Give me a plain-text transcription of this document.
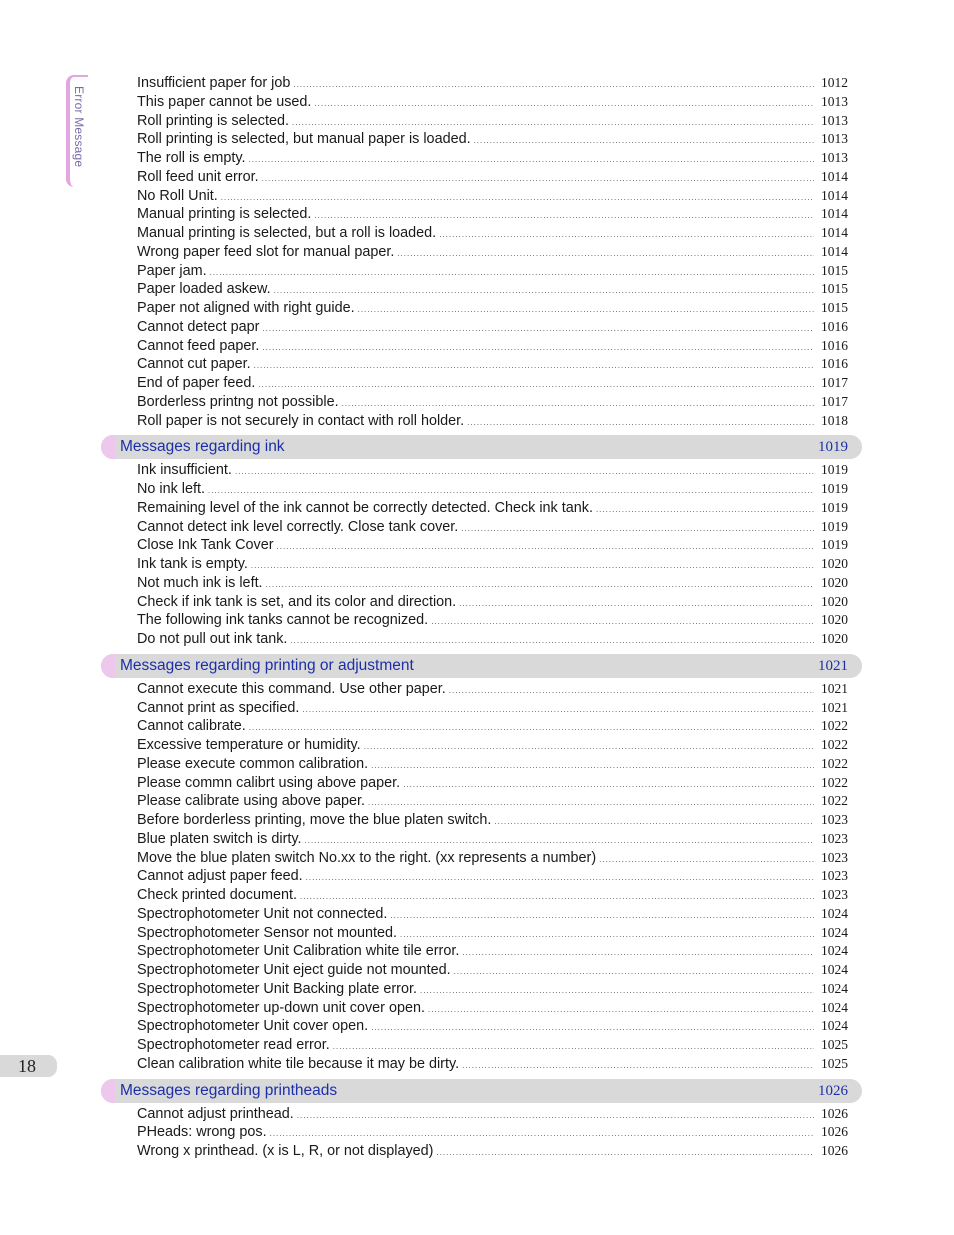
Error Message
Insufficient paper for job .....	1012
This paper cannot be used. .....	1013
Roll printing is selected. .....	1013
Roll printing is selected, but manual paper is loaded. .....	1013
The roll is empty. .....	1013
Roll feed unit error. .....	1014
No Roll Unit. .....	1014
Manual printing is selected. .....	1014
Manual printing is selected, but a roll is loaded. .....	1014
Wrong paper feed slot for manual paper. .....	1014
Paper jam. .....	1015
Paper loaded askew. .....	1015
Paper not aligned with right guide. .....	1015
Cannot detect papr .....	1016
Cannot feed paper. .....	1016
Cannot cut paper. .....	1016
End of paper feed. .....	1017
Borderless printng not possible. .....	1017
Roll paper is not securely in contact with roll holder. .....	1018
Messages regarding ink	1019
Ink insufficient. .....	1019
No ink left. .....	1019
Remaining level of the ink cannot be correctly detected. Check ink tank. .....	1019
Cannot detect ink level correctly. Close tank cover. .....	1019
Close Ink Tank Cover .....	1019
Ink tank is empty. .....	1020
Not much ink is left. .....	1020
Check if ink tank is set, and its color and direction. .....	1020
The following ink tanks cannot be recognized. .....	1020
Do not pull out ink tank. .....	1020
Messages regarding printing or adjustment	1021
Cannot execute this command. Use other paper. .....	1021
Cannot print as specified. .....	1021
Cannot calibrate. .....	1022
Excessive temperature or humidity. .....	1022
Please execute common calibration. .....	1022
Please commn calibrt using above paper. .....	1022
Please calibrate using above paper. .....	1022
Before borderless printing, move the blue platen switch. .....	1023
Blue platen switch is dirty. .....	1023
Move the blue platen switch No.xx to the right. (xx represents a number) .....	1023
Cannot adjust paper feed. .....	1023
Check printed document. .....	1023
Spectrophotometer Unit not connected. .....	1024
Spectrophotometer Sensor not mounted. .....	1024
Spectrophotometer Unit Calibration white tile error. .....	1024
Spectrophotometer Unit eject guide not mounted. .....	1024
Spectrophotometer Unit Backing plate error. .....	1024
Spectrophotometer up-down unit cover open. .....	1024
Spectrophotometer Unit cover open. .....	1024
Spectrophotometer read error. .....	1025
Clean calibration white tile because it may be dirty. .....	1025
Messages regarding printheads	1026
Cannot adjust printhead. .....	1026
PHeads: wrong pos. .....	1026
Wrong x printhead. (x is L, R, or not displayed) .....	1026
18
